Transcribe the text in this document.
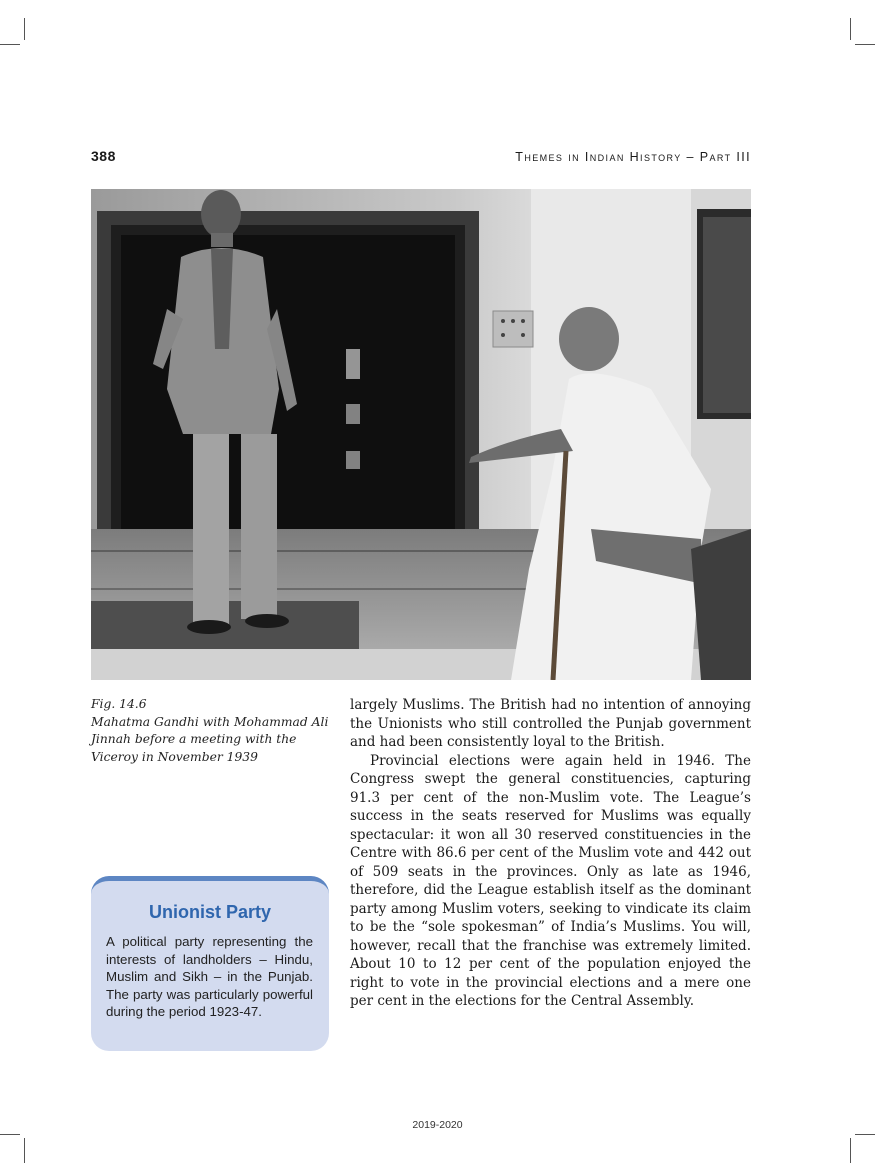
388	Themes in Indian History – Part III
Fig. 14.6
Mahatma Gandhi with Mohammad Ali Jinnah before a meeting with the Viceroy in November 1939

largely Muslims. The British had no intention of annoying the Unionists who still controlled the Punjab government and had been consistently loyal to the British.

Provincial elections were again held in 1946. The Congress swept the general constituencies, capturing 91.3 per cent of the non-Muslim vote. The League’s success in the seats reserved for Muslims was equally spectacular: it won all 30 reserved constituencies in the Centre with 86.6 per cent of the Muslim vote and 442 out of 509 seats in the provinces. Only as late as 1946, therefore, did the League establish itself as the dominant party among Muslim voters, seeking to vindicate its claim to be the “sole spokesman” of India’s Muslims. You will, however, recall that the franchise was extremely limited. About 10 to 12 per cent of the population enjoyed the right to vote in the provincial elections and a mere one per cent in the elections for the Central Assembly.

Unionist Party
A political party representing the interests of landholders – Hindu, Muslim and Sikh – in the Punjab. The party was particularly powerful during the period 1923-47.
2019-2020
